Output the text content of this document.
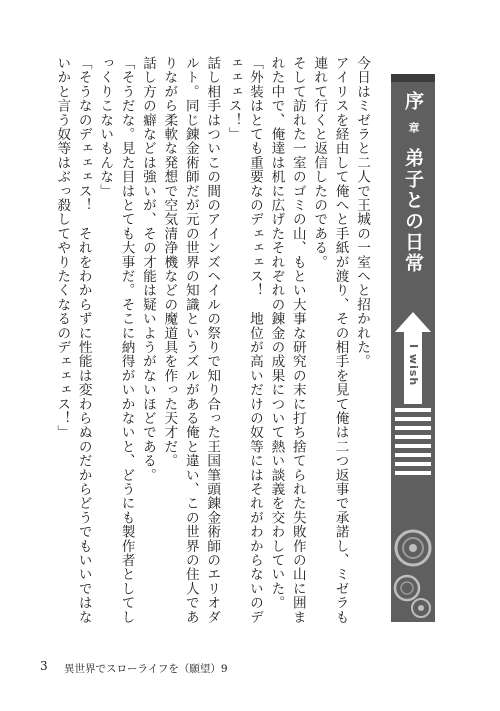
今日はミゼラと二人で王城の一室へと招かれた。

アイリスを経由して俺へと手紙が渡り、その相手を見て俺は二つ返事で承諾し、ミゼラも連れて行くと返信したのである。

そして訪れた一室のゴミの山、もとい大事な研究の末に打ち捨てられた失敗作の山に囲まれた中で、俺達は机に広げたそれぞれの錬金の成果について熱い談義を交わしていた。

「外装はとても重要なのデェェェス！　地位が高いだけの奴等にはそれがわからないのデェェェス！」

話し相手はついこの間のアインズヘイルの祭りで知り合った王国筆頭錬金術師のエリオダルト。同じ錬金術師だが元の世界の知識というズルがある俺と違い、この世界の住人でありながら柔軟な発想で空気清浄機などの魔道具を作った天才だ。

話し方の癖などは強いが、その才能は疑いようがないほどである。

「そうだな。見た目はとても大事だ。そこに納得がいかないと、どうにも製作者としてしっくりこないもんな」

「そうなのデェェェス！　それをわからずに性能は変わらぬのだからどうでもいいではないかと言う奴等はぶっ殺してやりたくなるのデェェェス！」	序
章
弟子との日常
I wish
3 異世界でスローライフを（願望）9
